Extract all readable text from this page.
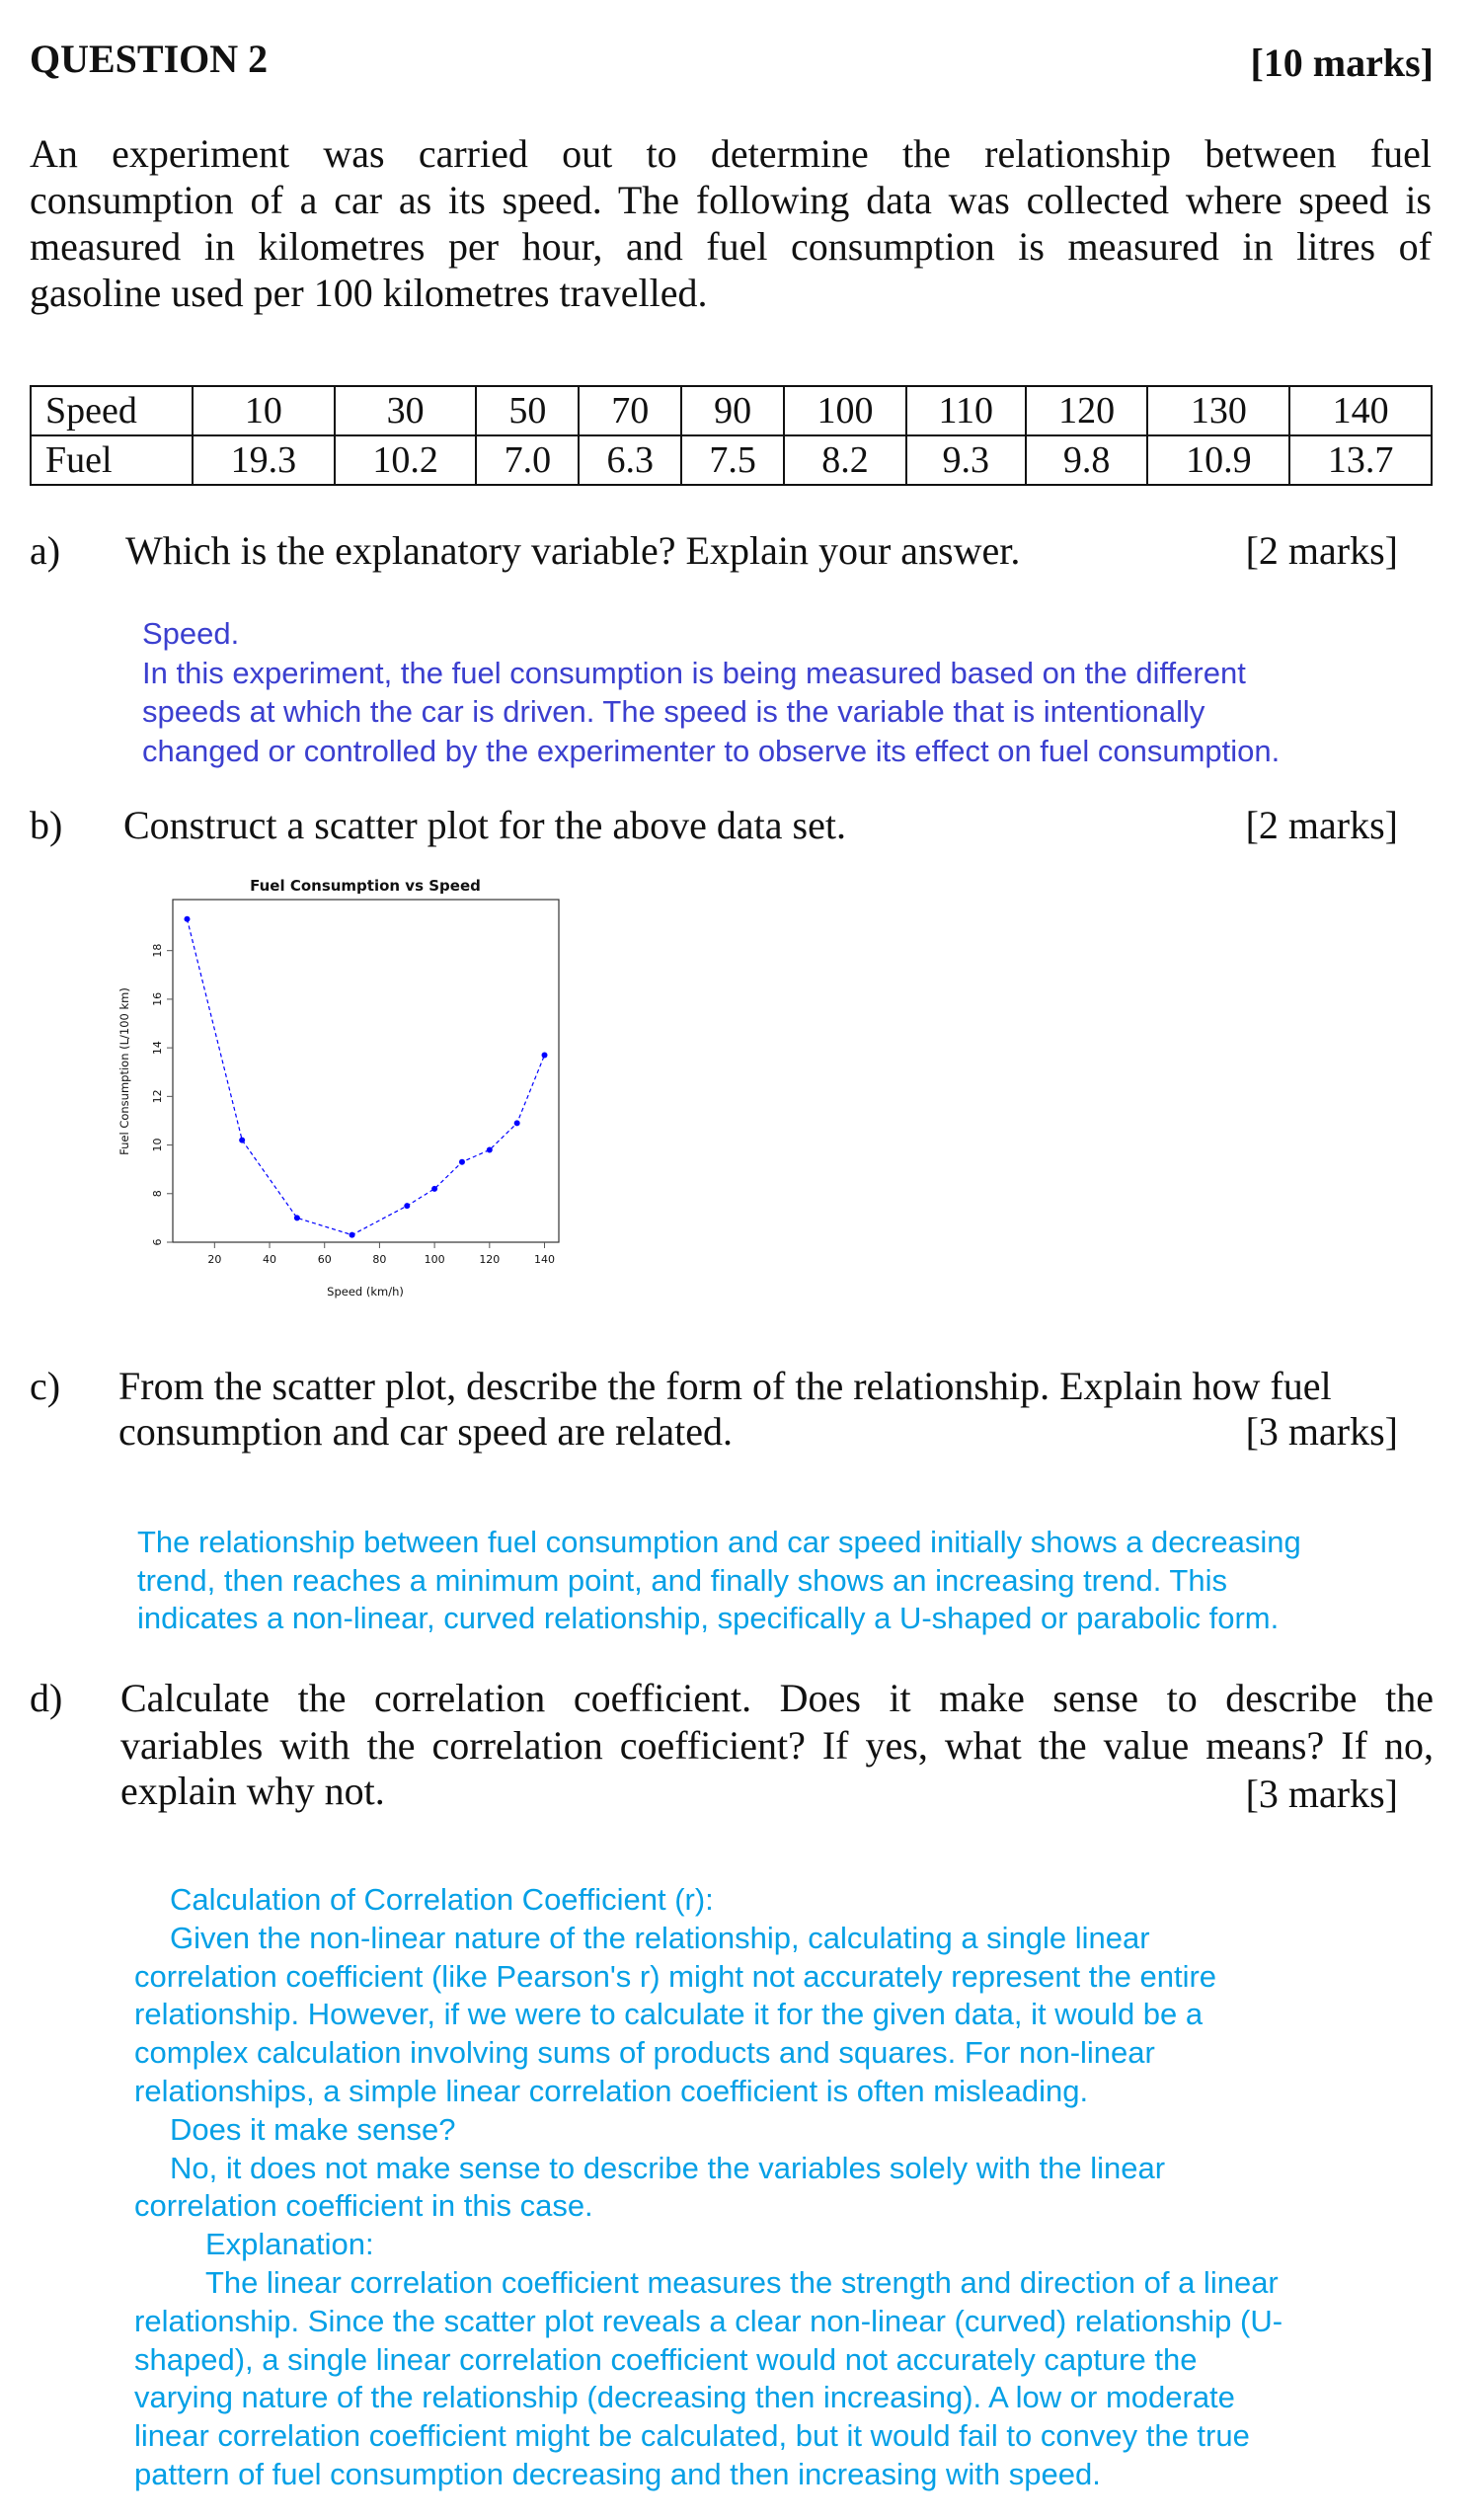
QUESTION 2	[10 marks]
An experiment was carried out to determine the relationship between fuel
consumption of a car as its speed. The following data was collected where speed is
measured in kilometres per hour, and fuel consumption is measured in litres of
gasoline used per 100 kilometres travelled.
Speed	10	30	50	70	90	100	110	120	130	140
Fuel	19.3	10.2	7.0	6.3	7.5	8.2	9.3	9.8	10.9	13.7
a) Which is the explanatory variable? Explain your answer.	[2 marks]
Speed.
In this experiment, the fuel consumption is being measured based on the different
speeds at which the car is driven. The speed is the variable that is intentionally
changed or controlled by the experimenter to observe its effect on fuel consumption.
b) Construct a scatter plot for the above data set.	[2 marks]
Fuel Consumption vs Speed
20	40	60	80	100	120	140
6
8
10
12
14
16
18
Speed (km/h)
Fuel Consumption (L/100 km)
c) From the scatter plot, describe the form of the relationship. Explain how fuel
consumption and car speed are related.	[3 marks]
The relationship between fuel consumption and car speed initially shows a decreasing
trend, then reaches a minimum point, and finally shows an increasing trend. This
indicates a non-linear, curved relationship, specifically a U-shaped or parabolic form.
d) Calculate the correlation coefficient. Does it make sense to describe the
variables with the correlation coefficient? If yes, what the value means? If no,
explain why not.	[3 marks]
Calculation of Correlation Coefficient (r):
Given the non-linear nature of the relationship, calculating a single linear
correlation coefficient (like Pearson's r) might not accurately represent the entire
relationship. However, if we were to calculate it for the given data, it would be a
complex calculation involving sums of products and squares. For non-linear
relationships, a simple linear correlation coefficient is often misleading.
Does it make sense?
No, it does not make sense to describe the variables solely with the linear
correlation coefficient in this case.
Explanation:
The linear correlation coefficient measures the strength and direction of a linear
relationship. Since the scatter plot reveals a clear non-linear (curved) relationship (U-
shaped), a single linear correlation coefficient would not accurately capture the
varying nature of the relationship (decreasing then increasing). A low or moderate
linear correlation coefficient might be calculated, but it would fail to convey the true
pattern of fuel consumption decreasing and then increasing with speed.
